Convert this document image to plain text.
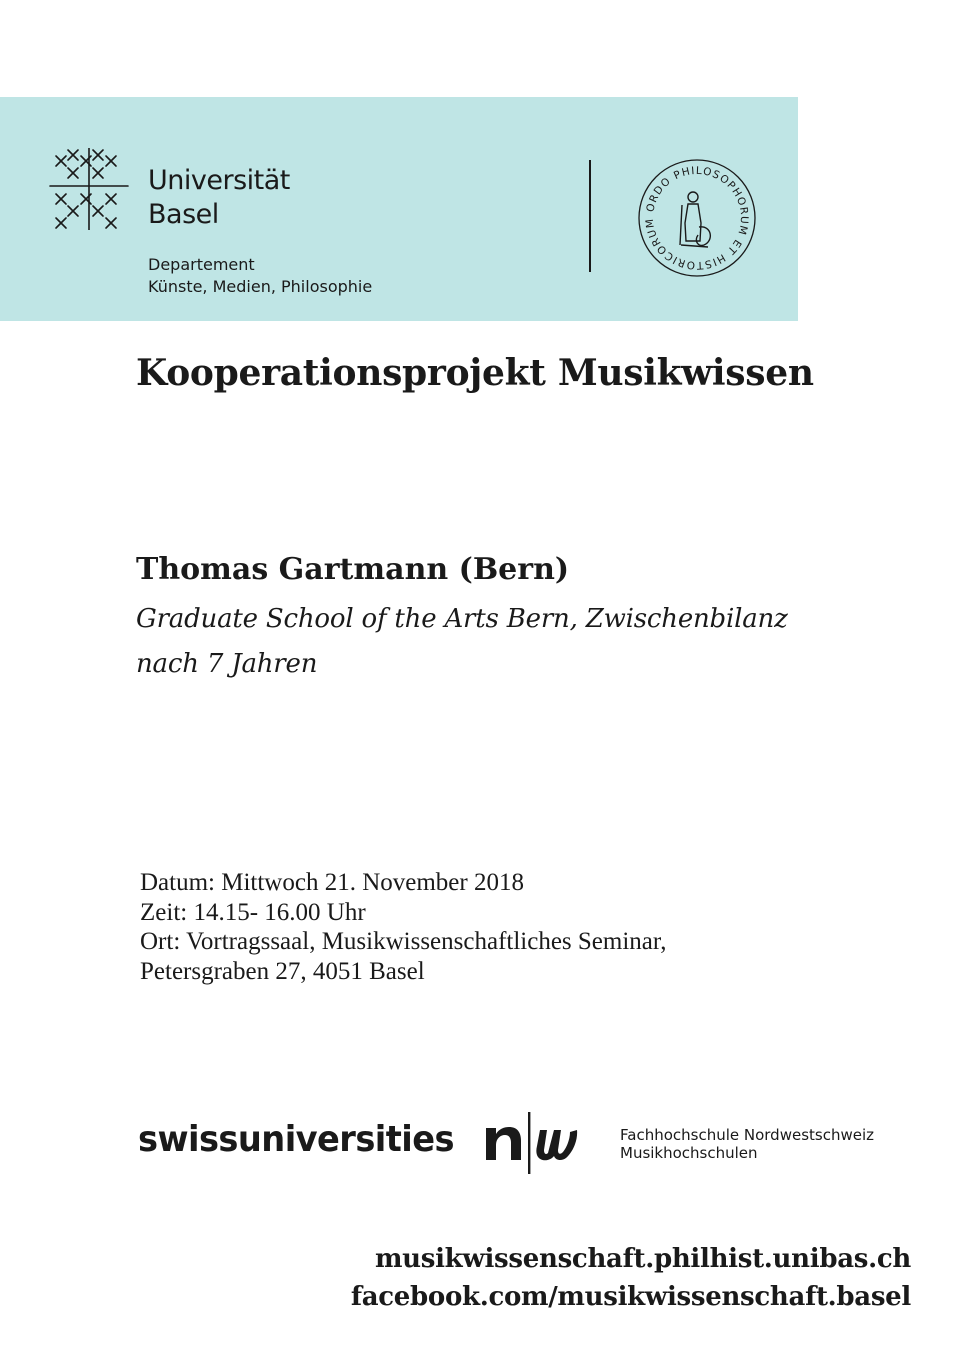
Universität
Basel
Departement
Künste, Medien, Philosophie
ORDO PHILOSOPHORUM ET HISTORICORUM
Kooperationsprojekt Musikwissen
Thomas Gartmann (Bern)

Graduate School of the Arts Bern, Zwischenbilanz
nach 7 Jahren

Datum: Mittwoch 21. November 2018
Zeit: 14.15- 16.00 Uhr
Ort: Vortragssaal, Musikwissenschaftliches Seminar,
Petersgraben 27, 4051 Basel
swissuniversities	Fachhochschule Nordwestschweiz
Musikhochschulen
musikwissenschaft.philhist.unibas.ch
facebook.com/musikwissenschaft.basel
